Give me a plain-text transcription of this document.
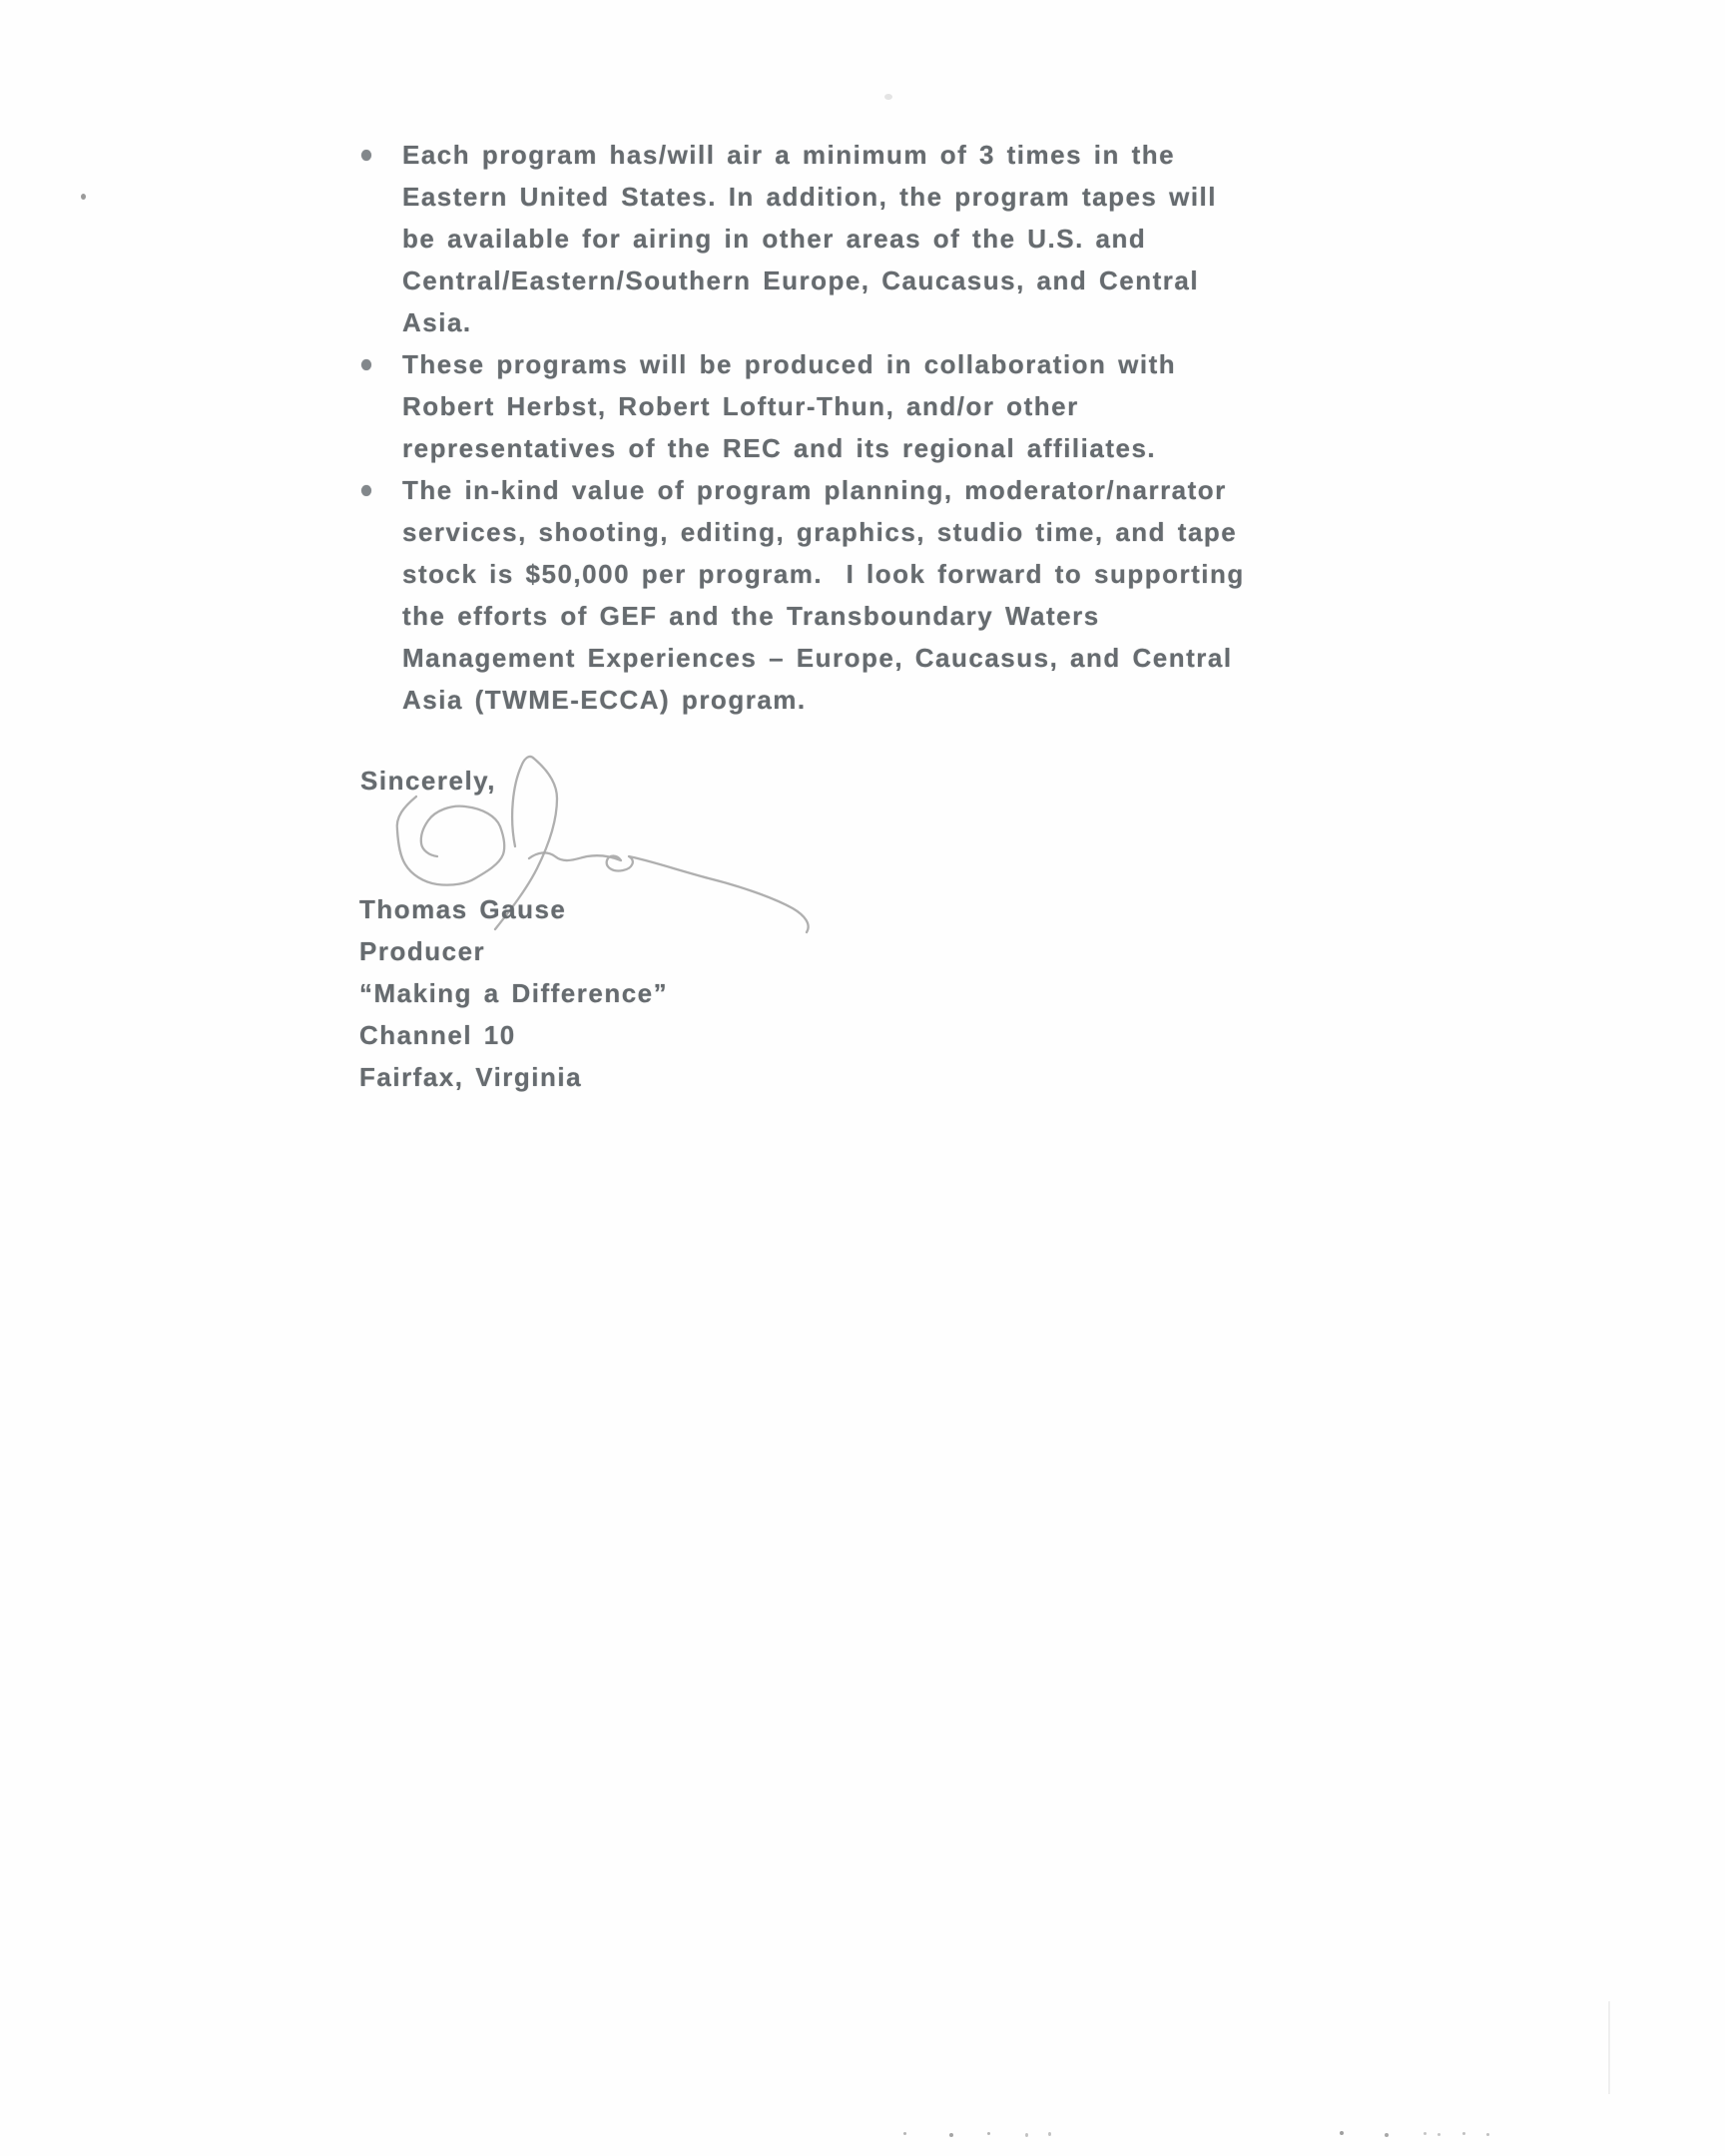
Each program has/will air a minimum of 3 times in the
Eastern United States. In addition, the program tapes will
be available for airing in other areas of the U.S. and
Central/Eastern/Southern Europe, Caucasus, and Central
Asia.
These programs will be produced in collaboration with
Robert Herbst, Robert Loftur-Thun, and/or other
representatives of the REC and its regional affiliates.
The in-kind value of program planning, moderator/narrator
services, shooting, editing, graphics, studio time, and tape
stock is $50,000 per program.  I look forward to supporting
the efforts of GEF and the Transboundary Waters
Management Experiences – Europe, Caucasus, and Central
Asia (TWME-ECCA) program.
Sincerely,
Thomas Gause
Producer
“Making a Difference”
Channel 10
Fairfax, Virginia
